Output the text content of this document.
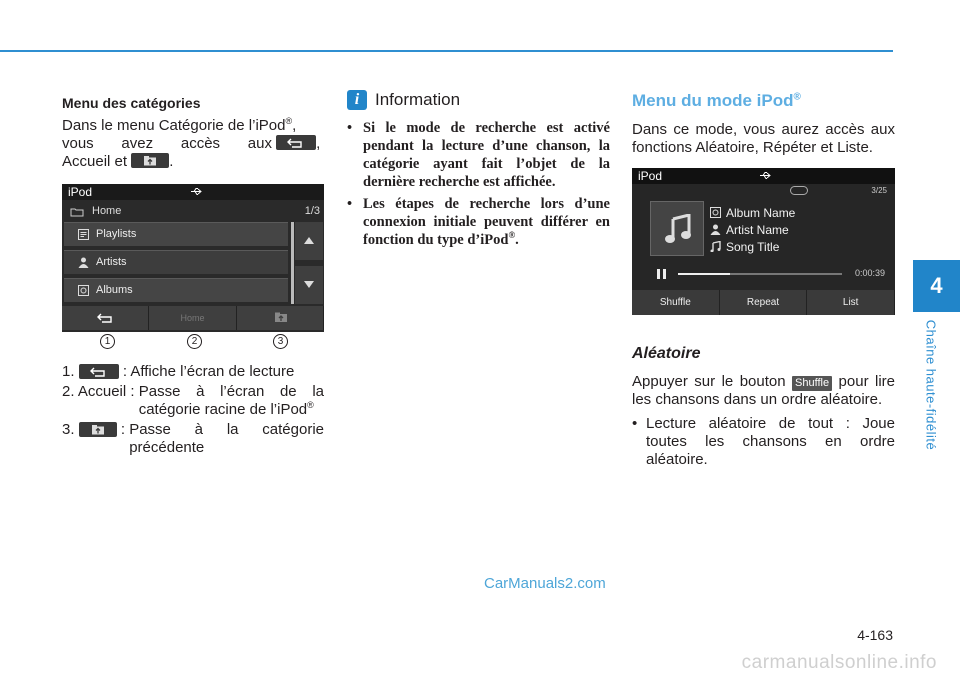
4
Chaîne haute-fidélité
Menu des catégories

Dans le menu Catégorie de l’iPod®,
vous avez accès aux	,
Accueil et	.

iPod
Home	1/3
Playlists
Artists
Albums
Home
1	2	3
1.

	: Affiche l’écran de lecture
2. Accueil : Passe à l’écran de la catégorie racine de l’iPod®
3.

	: Passe à la catégorie précédente
i Information
• Si le mode de recherche est activé pendant la lecture d’une chanson, la catégorie ayant fait l’objet de la dernière recherche est affichée.
• Les étapes de recherche lors d’une connexion initiale peuvent différer en fonction du type d’iPod®.
Menu du mode iPod®

Dans ce mode, vous aurez accès aux fonctions Aléatoire, Répéter et Liste.

iPod
3/25
Album Name
Artist Name
Song Title
0:00:39
Shuffle	Repeat	List
Aléatoire

Appuyer sur le bouton Shuffle pour lire les chansons dans un ordre aléatoire.

• Lecture aléatoire de tout : Joue toutes les chansons en ordre aléatoire.
CarManuals2.com
4-163
carmanualsonline.info
